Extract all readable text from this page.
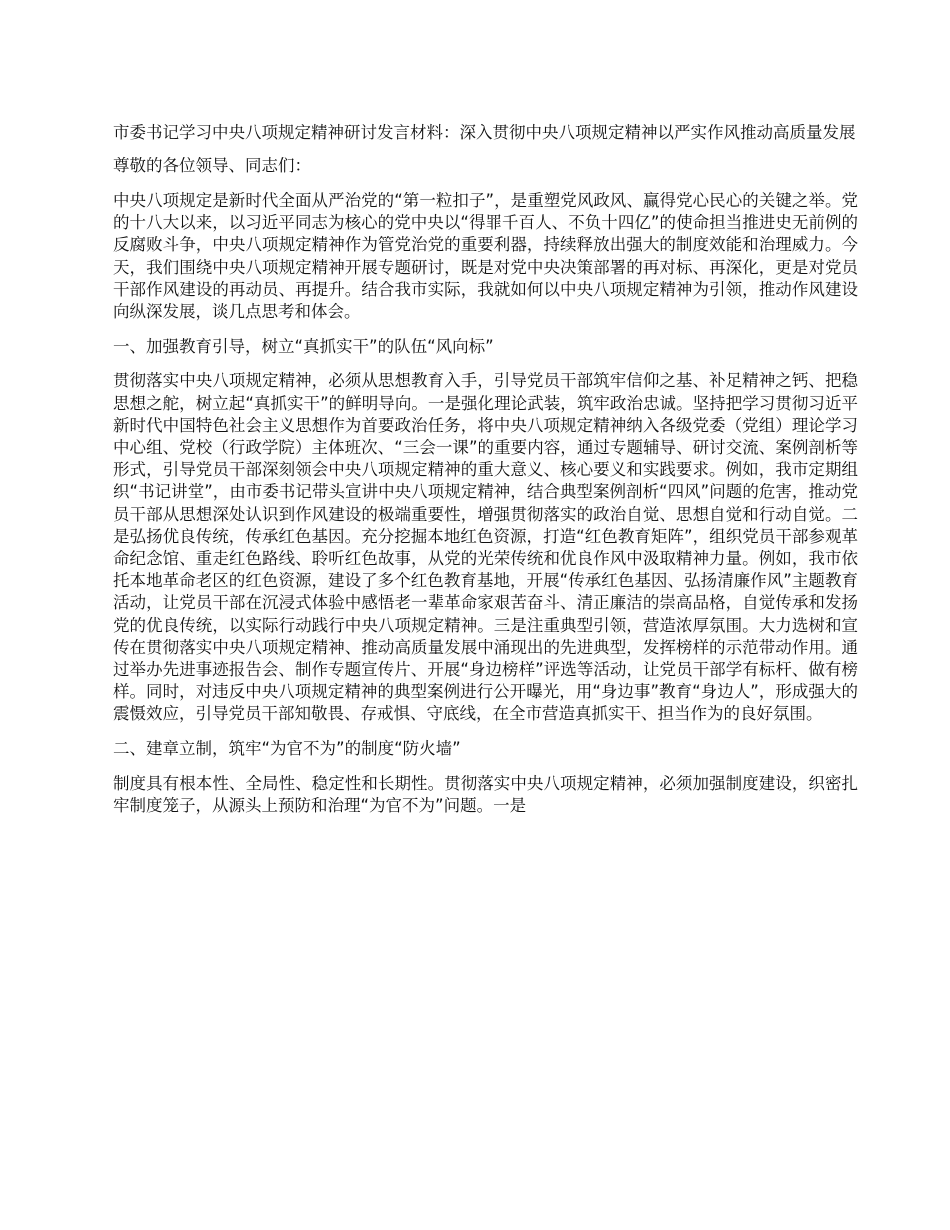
市委书记学习中央八项规定精神研讨发言材料：深入贯彻中央八项规定精神以严实作风推动高质量发展

尊敬的各位领导、同志们：

中央八项规定是新时代全面从严治党的“第一粒扣子”，是重塑党风政风、赢得党心民心的关键之举。党的十八大以来，以习近平同志为核心的党中央以“得罪千百人、不负十四亿”的使命担当推进史无前例的反腐败斗争，中央八项规定精神作为管党治党的重要利器，持续释放出强大的制度效能和治理威力。今天，我们围绕中央八项规定精神开展专题研讨，既是对党中央决策部署的再对标、再深化，更是对党员干部作风建设的再动员、再提升。结合我市实际，我就如何以中央八项规定精神为引领，推动作风建设向纵深发展，谈几点思考和体会。

一、加强教育引导，树立“真抓实干”的队伍“风向标”

贯彻落实中央八项规定精神，必须从思想教育入手，引导党员干部筑牢信仰之基、补足精神之钙、把稳思想之舵，树立起“真抓实干”的鲜明导向。一是强化理论武装，筑牢政治忠诚。坚持把学习贯彻习近平新时代中国特色社会主义思想作为首要政治任务，将中央八项规定精神纳入各级党委（党组）理论学习中心组、党校（行政学院）主体班次、“三会一课”的重要内容，通过专题辅导、研讨交流、案例剖析等形式，引导党员干部深刻领会中央八项规定精神的重大意义、核心要义和实践要求。例如，我市定期组织“书记讲堂”，由市委书记带头宣讲中央八项规定精神，结合典型案例剖析“四风”问题的危害，推动党员干部从思想深处认识到作风建设的极端重要性，增强贯彻落实的政治自觉、思想自觉和行动自觉。二是弘扬优良传统，传承红色基因。充分挖掘本地红色资源，打造“红色教育矩阵”，组织党员干部参观革命纪念馆、重走红色路线、聆听红色故事，从党的光荣传统和优良作风中汲取精神力量。例如，我市依托本地革命老区的红色资源，建设了多个红色教育基地，开展“传承红色基因、弘扬清廉作风”主题教育活动，让党员干部在沉浸式体验中感悟老一辈革命家艰苦奋斗、清正廉洁的崇高品格，自觉传承和发扬党的优良传统，以实际行动践行中央八项规定精神。三是注重典型引领，营造浓厚氛围。大力选树和宣传在贯彻落实中央八项规定精神、推动高质量发展中涌现出的先进典型，发挥榜样的示范带动作用。通过举办先进事迹报告会、制作专题宣传片、开展“身边榜样”评选等活动，让党员干部学有标杆、做有榜样。同时，对违反中央八项规定精神的典型案例进行公开曝光，用“身边事”教育“身边人”，形成强大的震慑效应，引导党员干部知敬畏、存戒惧、守底线，在全市营造真抓实干、担当作为的良好氛围。

二、建章立制，筑牢“为官不为”的制度“防火墙”

制度具有根本性、全局性、稳定性和长期性。贯彻落实中央八项规定精神，必须加强制度建设，织密扎牢制度笼子，从源头上预防和治理“为官不为”问题。一是
